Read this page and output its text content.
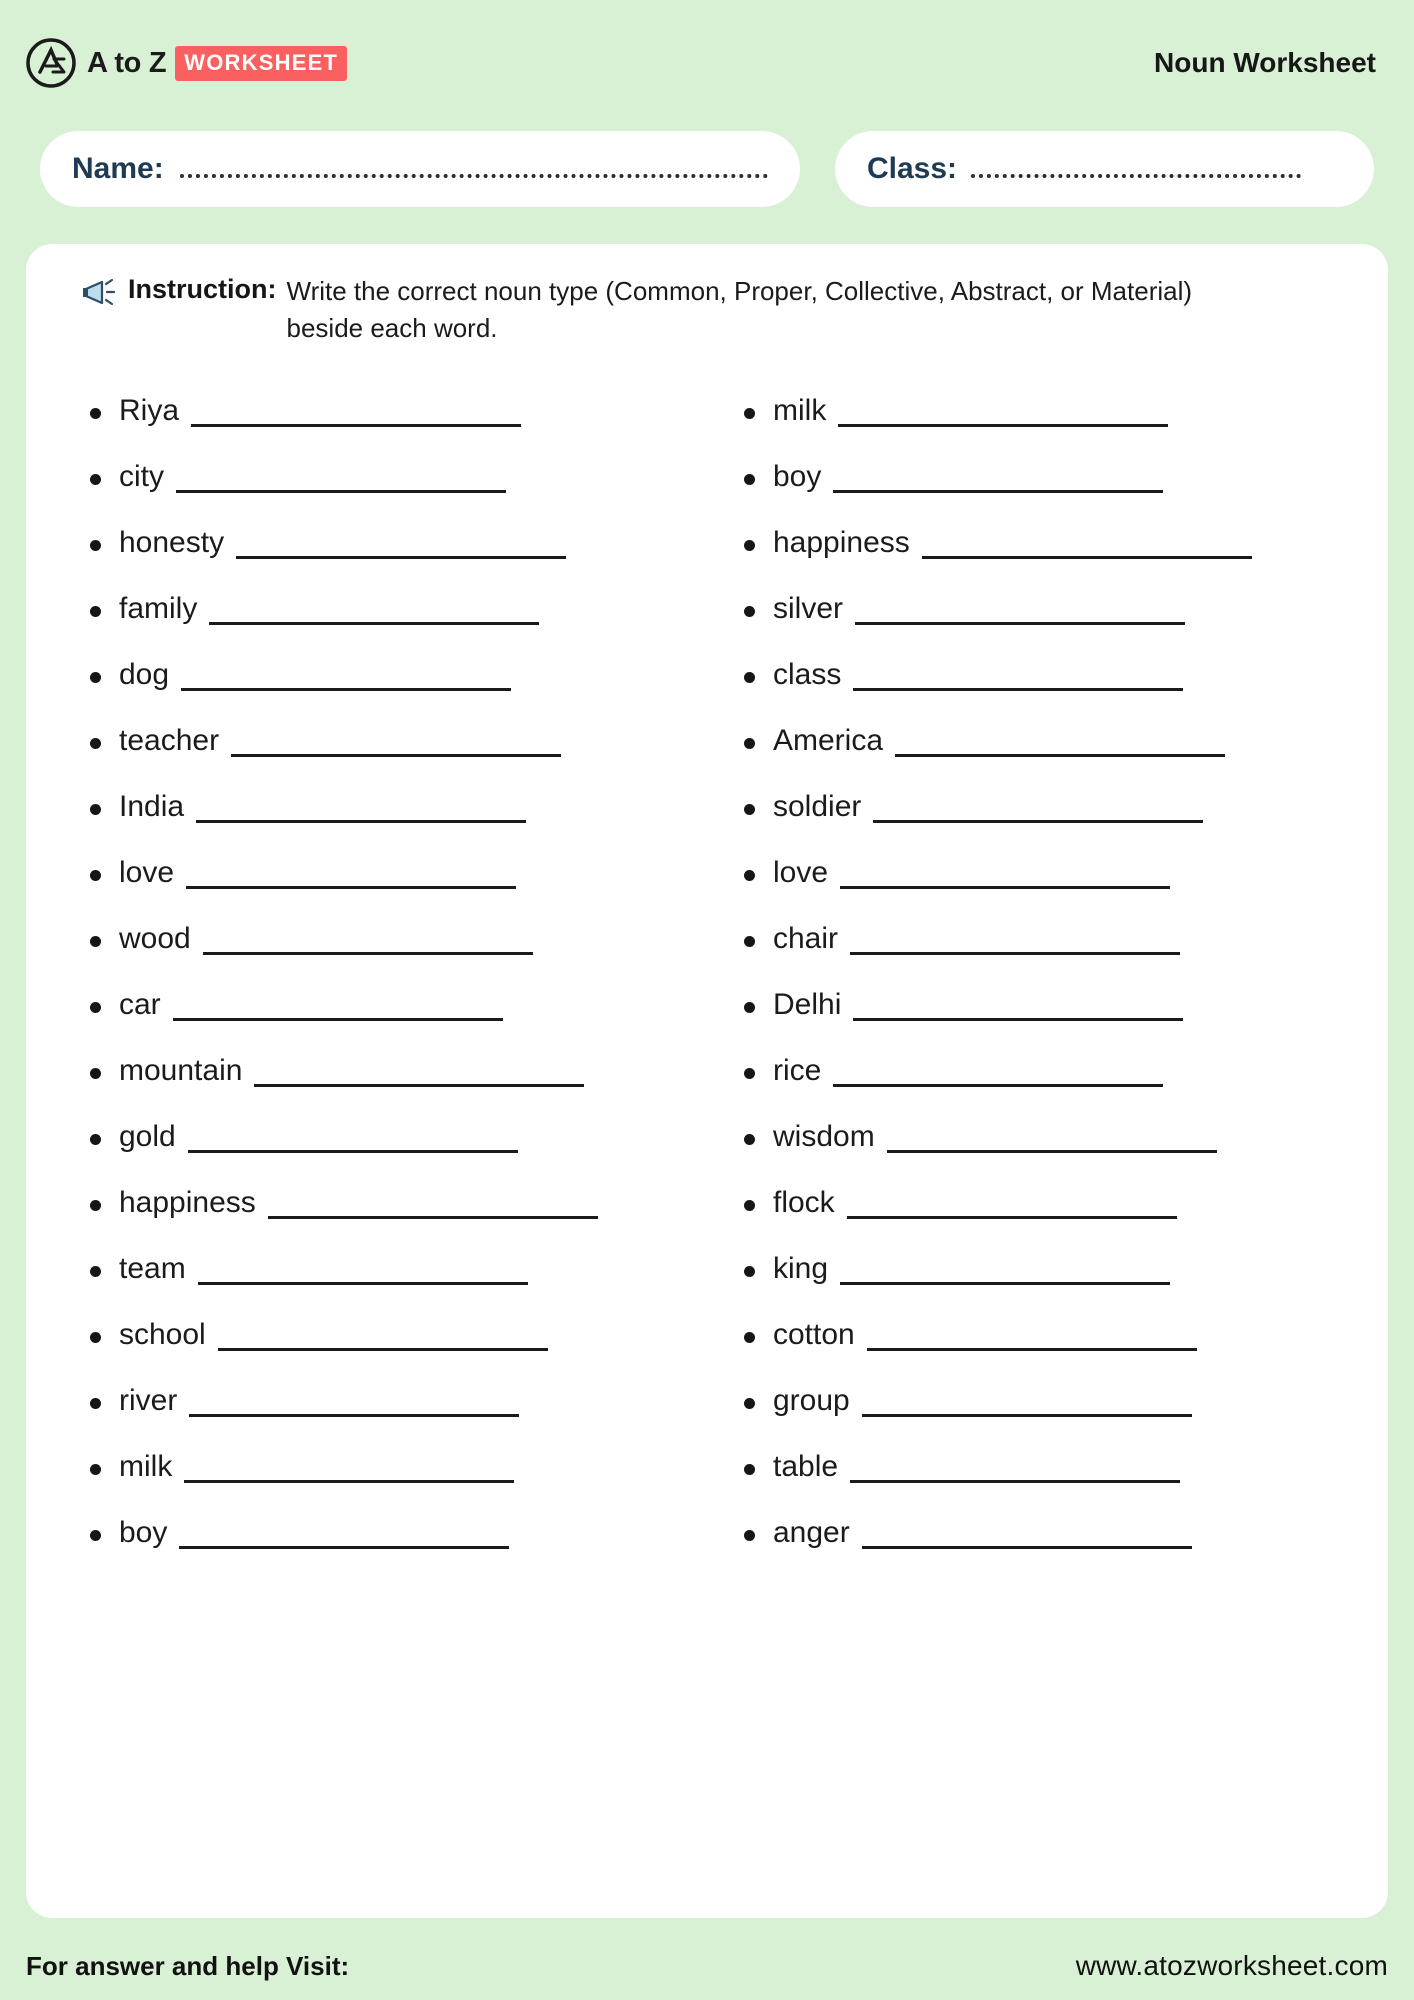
A to Z WORKSHEET	Noun Worksheet
Name:	Class:
Instruction: Write the correct noun type (Common, Proper, Collective, Abstract, or Material) beside each word.
Riya
city
honesty
family
dog
teacher
India
love
wood
car
mountain
gold
happiness
team
school
river
milk
boy
milk
boy
happiness
silver
class
America
soldier
love
chair
Delhi
rice
wisdom
flock
king
cotton
group
table
anger
For answer and help Visit:	www.atozworksheet.com
